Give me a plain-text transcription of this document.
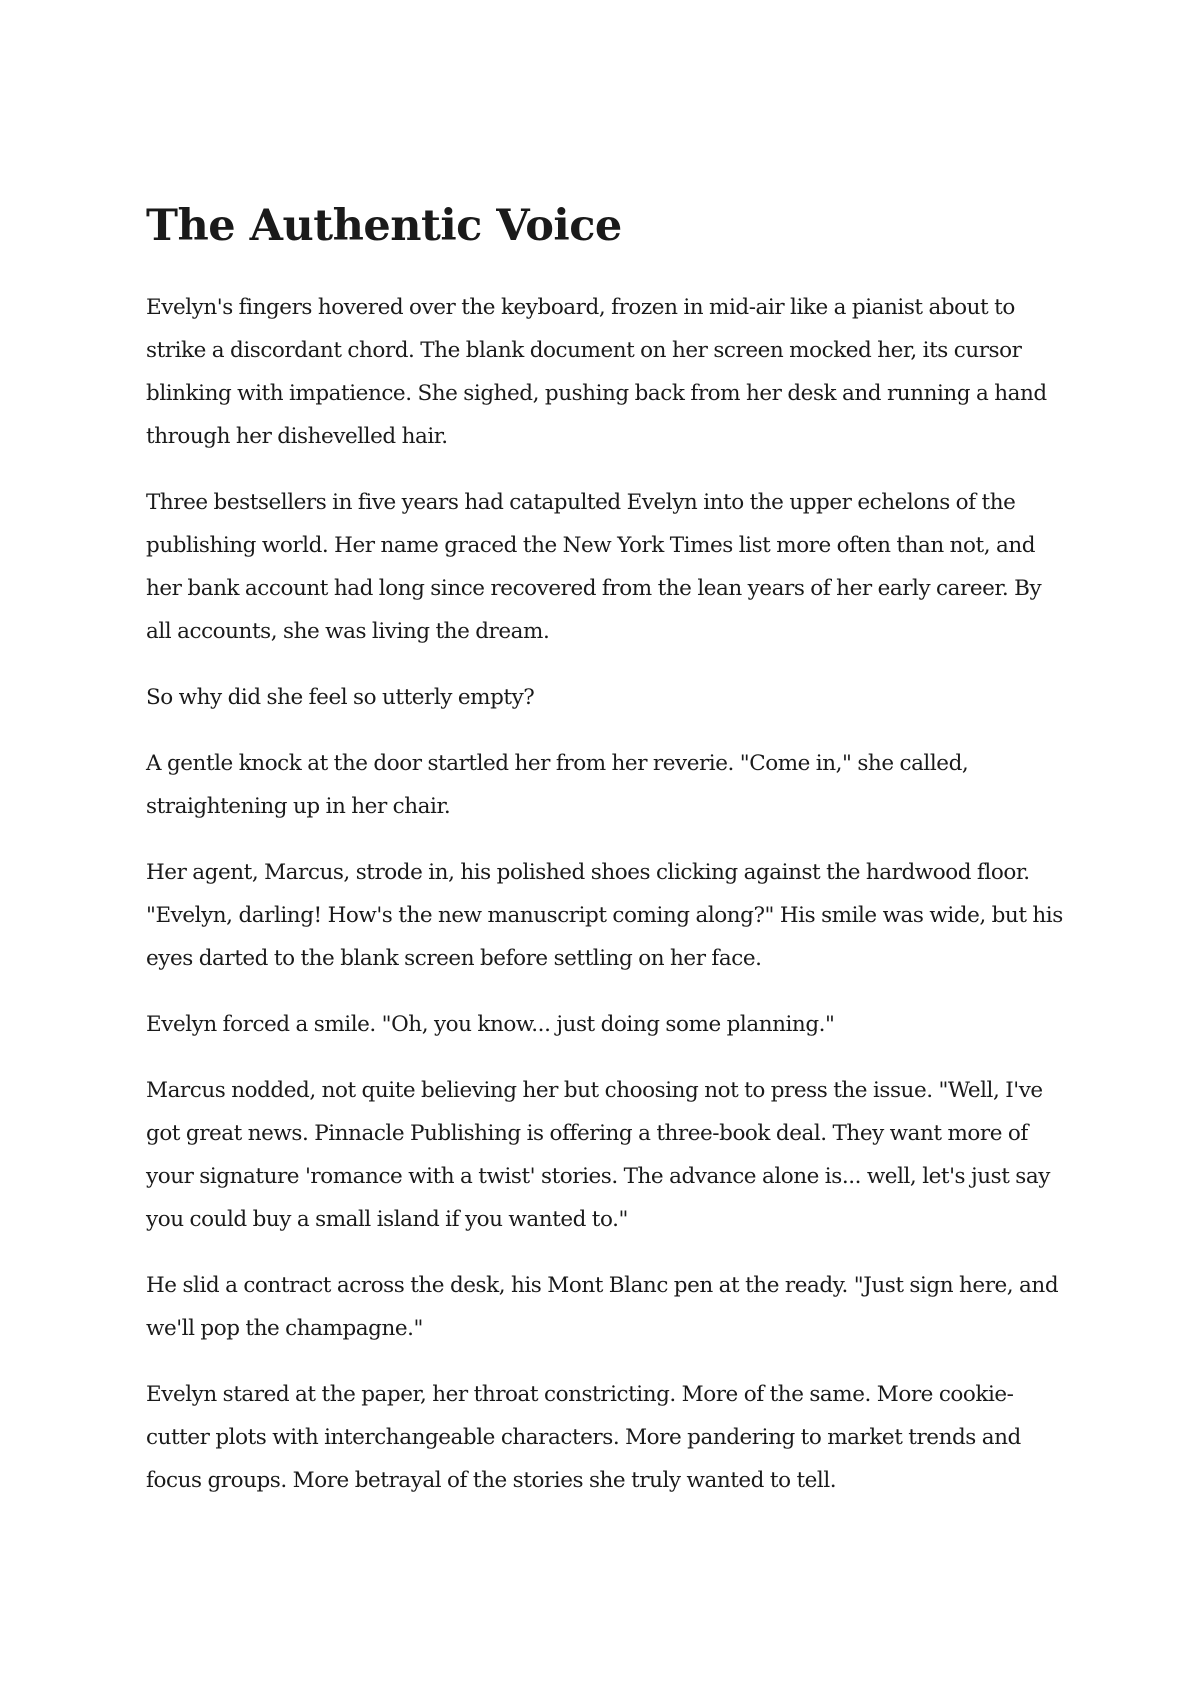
The Authentic Voice

Evelyn's fingers hovered over the keyboard, frozen in mid-air like a pianist about to strike a discordant chord. The blank document on her screen mocked her, its cursor blinking with impatience. She sighed, pushing back from her desk and running a hand through her dishevelled hair.

Three bestsellers in five years had catapulted Evelyn into the upper echelons of the publishing world. Her name graced the New York Times list more often than not, and her bank account had long since recovered from the lean years of her early career. By all accounts, she was living the dream.

So why did she feel so utterly empty?

A gentle knock at the door startled her from her reverie. "Come in," she called, straightening up in her chair.

Her agent, Marcus, strode in, his polished shoes clicking against the hardwood floor. "Evelyn, darling! How's the new manuscript coming along?" His smile was wide, but his eyes darted to the blank screen before settling on her face.

Evelyn forced a smile. "Oh, you know... just doing some planning."

Marcus nodded, not quite believing her but choosing not to press the issue. "Well, I've got great news. Pinnacle Publishing is offering a three-book deal. They want more of your signature 'romance with a twist' stories. The advance alone is... well, let's just say you could buy a small island if you wanted to."

He slid a contract across the desk, his Mont Blanc pen at the ready. "Just sign here, and we'll pop the champagne."

Evelyn stared at the paper, her throat constricting. More of the same. More cookie-cutter plots with interchangeable characters. More pandering to market trends and focus groups. More betrayal of the stories she truly wanted to tell.
